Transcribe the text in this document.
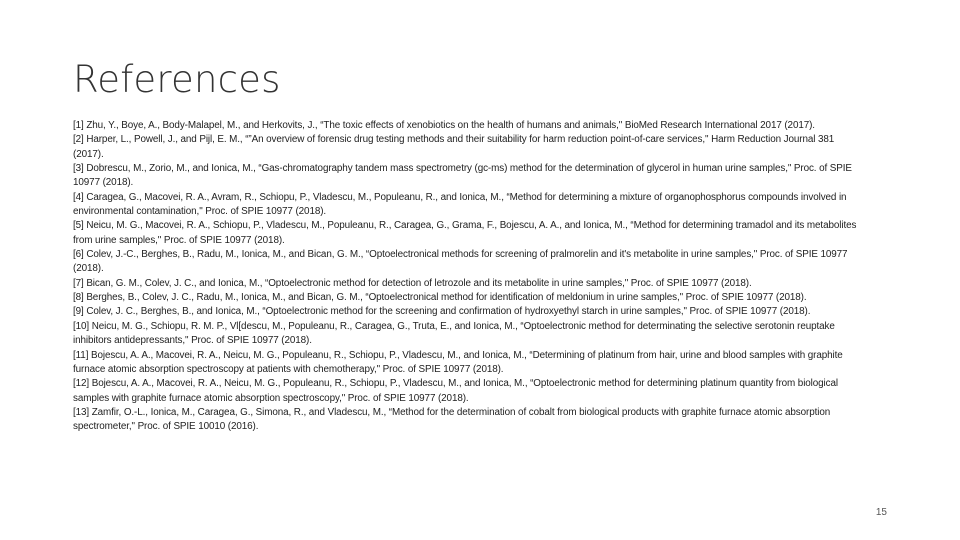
References
[1] Zhu, Y., Boye, A., Body-Malapel, M., and Herkovits, J., “The toxic effects of xenobiotics on the health of humans and animals," BioMed Research International 2017 (2017).
[2] Harper, L., Powell, J., and Pijl, E. M., “”An overview of forensic drug testing methods and their suitability for harm reduction point-of-care services," Harm Reduction Journal 381 (2017).
[3] Dobrescu, M., Zorio, M., and Ionica, M., “Gas-chromatography tandem mass spectrometry (gc-ms) method for the determination of glycerol in human urine samples," Proc. of SPIE 10977 (2018).
[4] Caragea, G., Macovei, R. A., Avram, R., Schiopu, P., Vladescu, M., Populeanu, R., and Ionica, M., “Method for determining a mixture of organophosphorus compounds involved in environmental contamination," Proc. of SPIE 10977 (2018).
[5] Neicu, M. G., Macovei, R. A., Schiopu, P., Vladescu, M., Populeanu, R., Caragea, G., Grama, F., Bojescu, A. A., and Ionica, M., “Method for determining tramadol and its metabolites from urine samples," Proc. of SPIE 10977 (2018).
[6] Colev, J.-C., Berghes, B., Radu, M., Ionica, M., and Bican, G. M., “Optoelectronical methods for screening of pralmorelin and it's metabolite in urine samples," Proc. of SPIE 10977 (2018).
[7] Bican, G. M., Colev, J. C., and Ionica, M., “Optoelectronic method for detection of letrozole and its metabolite in urine samples," Proc. of SPIE 10977 (2018).
[8] Berghes, B., Colev, J. C., Radu, M., Ionica, M., and Bican, G. M., “Optoelectronical method for identification of meldonium in urine samples," Proc. of SPIE 10977 (2018).
[9] Colev, J. C., Berghes, B., and Ionica, M., “Optoelectronic method for the screening and confirmation of hydroxyethyl starch in urine samples," Proc. of SPIE 10977 (2018).
[10] Neicu, M. G., Schiopu, R. M. P., Vl[descu, M., Populeanu, R., Caragea, G., Truta, E., and Ionica, M., “Optoelectronic method for determinating the selective serotonin reuptake inhibitors antidepressants," Proc. of SPIE 10977 (2018).
[11] Bojescu, A. A., Macovei, R. A., Neicu, M. G., Populeanu, R., Schiopu, P., Vladescu, M., and Ionica, M., “Determining of platinum from hair, urine and blood samples with graphite furnace atomic absorption spectroscopy at patients with chemotherapy," Proc. of SPIE 10977 (2018).
[12] Bojescu, A. A., Macovei, R. A., Neicu, M. G., Populeanu, R., Schiopu, P., Vladescu, M., and Ionica, M., “Optoelectronic method for determining platinum quantity from biological samples with graphite furnace atomic absorption spectroscopy," Proc. of SPIE 10977 (2018).
[13] Zamfir, O.-L., Ionica, M., Caragea, G., Simona, R., and Vladescu, M., “Method for the determination of cobalt from biological products with graphite furnace atomic absorption spectrometer," Proc. of SPIE 10010 (2016).
15
